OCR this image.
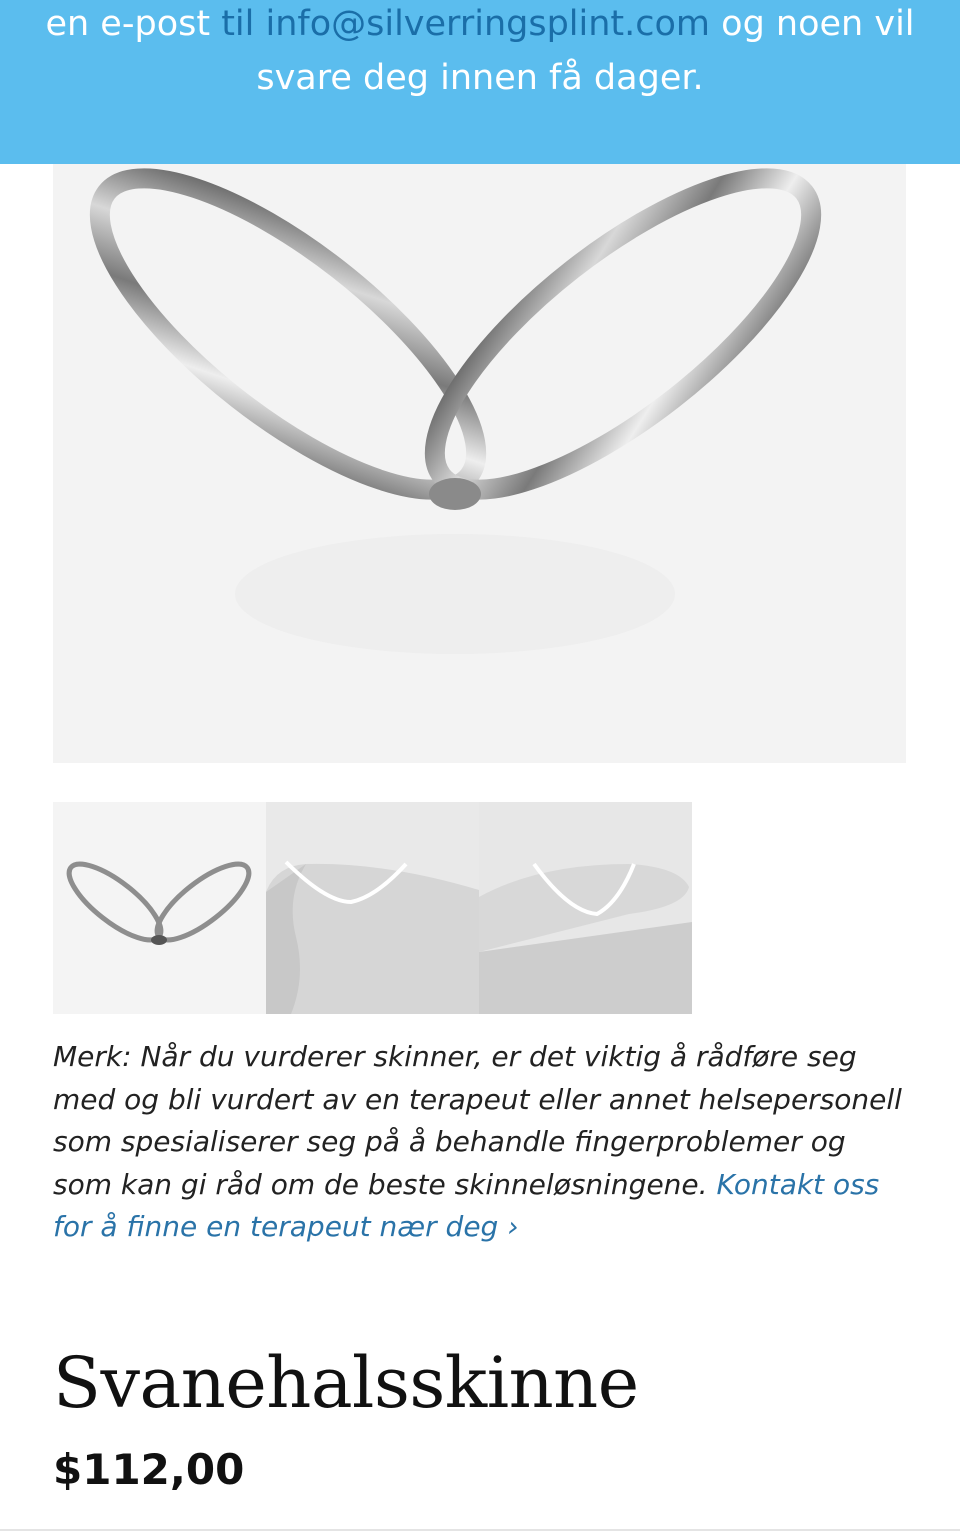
en e-post til info@silverringsplint.com og noen vil
svare deg innen få dager.
Merk: Når du vurderer skinner, er det viktig å rådføre seg med og bli vurdert av en terapeut eller annet helsepersonell som spesialiserer seg på å behandle fingerproblemer og som kan gi råd om de beste skinneløsningene. Kontakt oss for å finne en terapeut nær deg ›
Svanehalsskinne
$112,00
